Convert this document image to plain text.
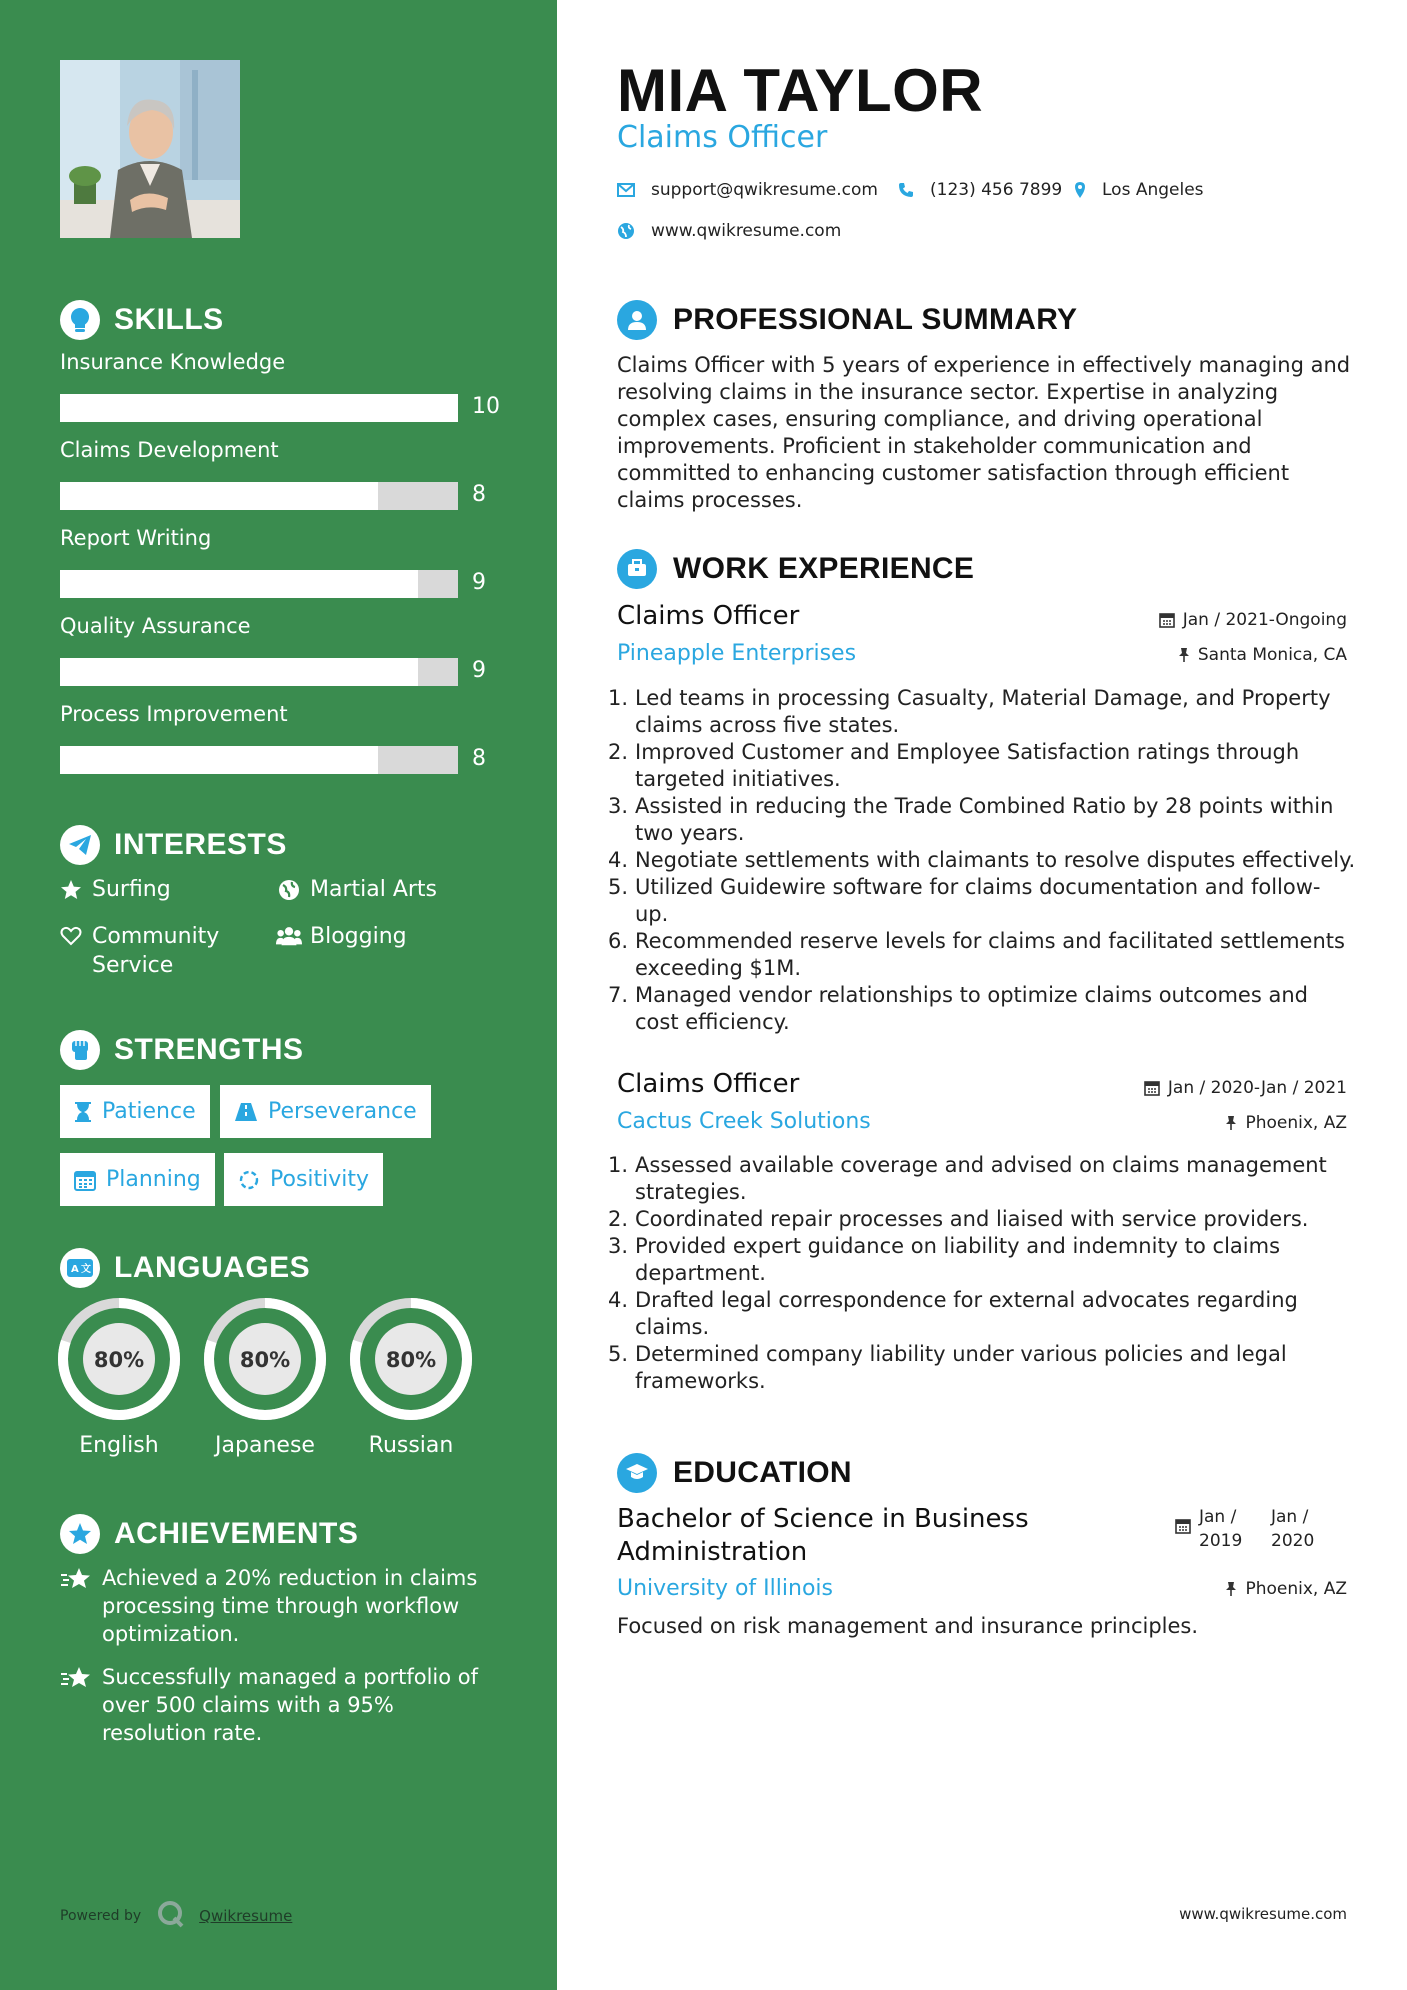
SKILLS
Insurance Knowledge
10
Claims Development
8
Report Writing
9
Quality Assurance
9
Process Improvement
8
INTERESTS
Surfing	Martial Arts
Community Service
Blogging
STRENGTHS
Patience	Perseverance
Planning	Positivity
A 文 LANGUAGES
80%
English
80%
Japanese
80%
Russian
ACHIEVEMENTS
Achieved a 20% reduction in claims processing time through workflow optimization.
Successfully managed a portfolio of over 500 claims with a 95% resolution rate.
Powered by	Qwikresume
MIA TAYLOR
Claims Officer
support@qwikresume.com	(123) 456 7899 Los Angeles
www.qwikresume.com
PROFESSIONAL SUMMARY
Claims Officer with 5 years of experience in effectively managing and
resolving claims in the insurance sector. Expertise in analyzing
complex cases, ensuring compliance, and driving operational
improvements. Proficient in stakeholder communication and
committed to enhancing customer satisfaction through efficient
claims processes.
WORK EXPERIENCE
Claims Officer	Jan / 2021-Ongoing
Pineapple Enterprises	Santa Monica, CA
1. Led teams in processing Casualty, Material Damage, and Property
claims across five states.
2. Improved Customer and Employee Satisfaction ratings through
targeted initiatives.
3. Assisted in reducing the Trade Combined Ratio by 28 points within
two years.
4. Negotiate settlements with claimants to resolve disputes effectively.
5. Utilized Guidewire software for claims documentation and follow-
up.
6. Recommended reserve levels for claims and facilitated settlements
exceeding $1M.
7. Managed vendor relationships to optimize claims outcomes and
cost efficiency.
Claims Officer	Jan / 2020-Jan / 2021
Cactus Creek Solutions	Phoenix, AZ
1. Assessed available coverage and advised on claims management
strategies.
2. Coordinated repair processes and liaised with service providers.
3. Provided expert guidance on liability and indemnity to claims
department.
4. Drafted legal correspondence for external advocates regarding
claims.
5. Determined company liability under various policies and legal
frameworks.
EDUCATION
Bachelor of Science in Business
Administration
Jan /
2019
Jan /
2020
University of Illinois	Phoenix, AZ
Focused on risk management and insurance principles.
www.qwikresume.com
